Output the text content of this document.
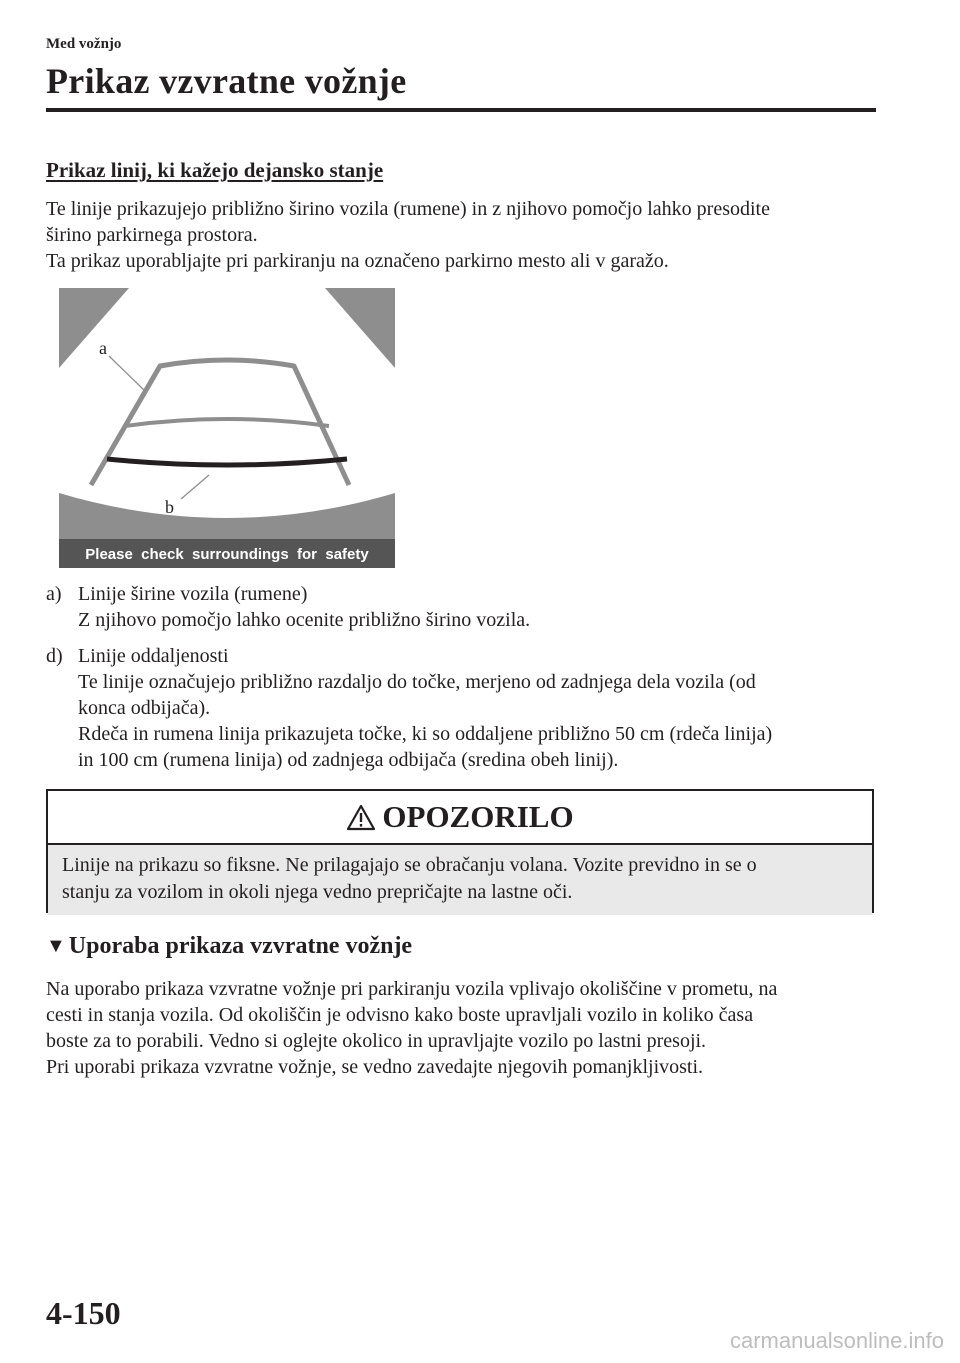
Med vožnjo
Prikaz vzvratne vožnje
Prikaz linij, ki kažejo dejansko stanje
Te linije prikazujejo približno širino vozila (rumene) in z njihovo pomočjo lahko presodite
širino parkirnega prostora.
Ta prikaz uporabljajte pri parkiranju na označeno parkirno mesto ali v garažo.
a
b
Please  check  surroundings  for  safety
a) Linije širine vozila (rumene)
Z njihovo pomočjo lahko ocenite približno širino vozila.
d) Linije oddaljenosti
Te linije označujejo približno razdaljo do točke, merjeno od zadnjega dela vozila (od
konca odbijača).
Rdeča in rumena linija prikazujeta točke, ki so oddaljene približno 50 cm (rdeča linija)
in 100 cm (rumena linija) od zadnjega odbijača (sredina obeh linij).
OPOZORILO
Linije na prikazu so fiksne. Ne prilagajajo se obračanju volana. Vozite previdno in se o
stanju za vozilom in okoli njega vedno prepričajte na lastne oči.
▼ Uporaba prikaza vzvratne vožnje
Na uporabo prikaza vzvratne vožnje pri parkiranju vozila vplivajo okoliščine v prometu, na
cesti in stanja vozila. Od okoliščin je odvisno kako boste upravljali vozilo in koliko časa
boste za to porabili. Vedno si oglejte okolico in upravljajte vozilo po lastni presoji.
Pri uporabi prikaza vzvratne vožnje, se vedno zavedajte njegovih pomanjkljivosti.
4-150
carmanualsonline.info
